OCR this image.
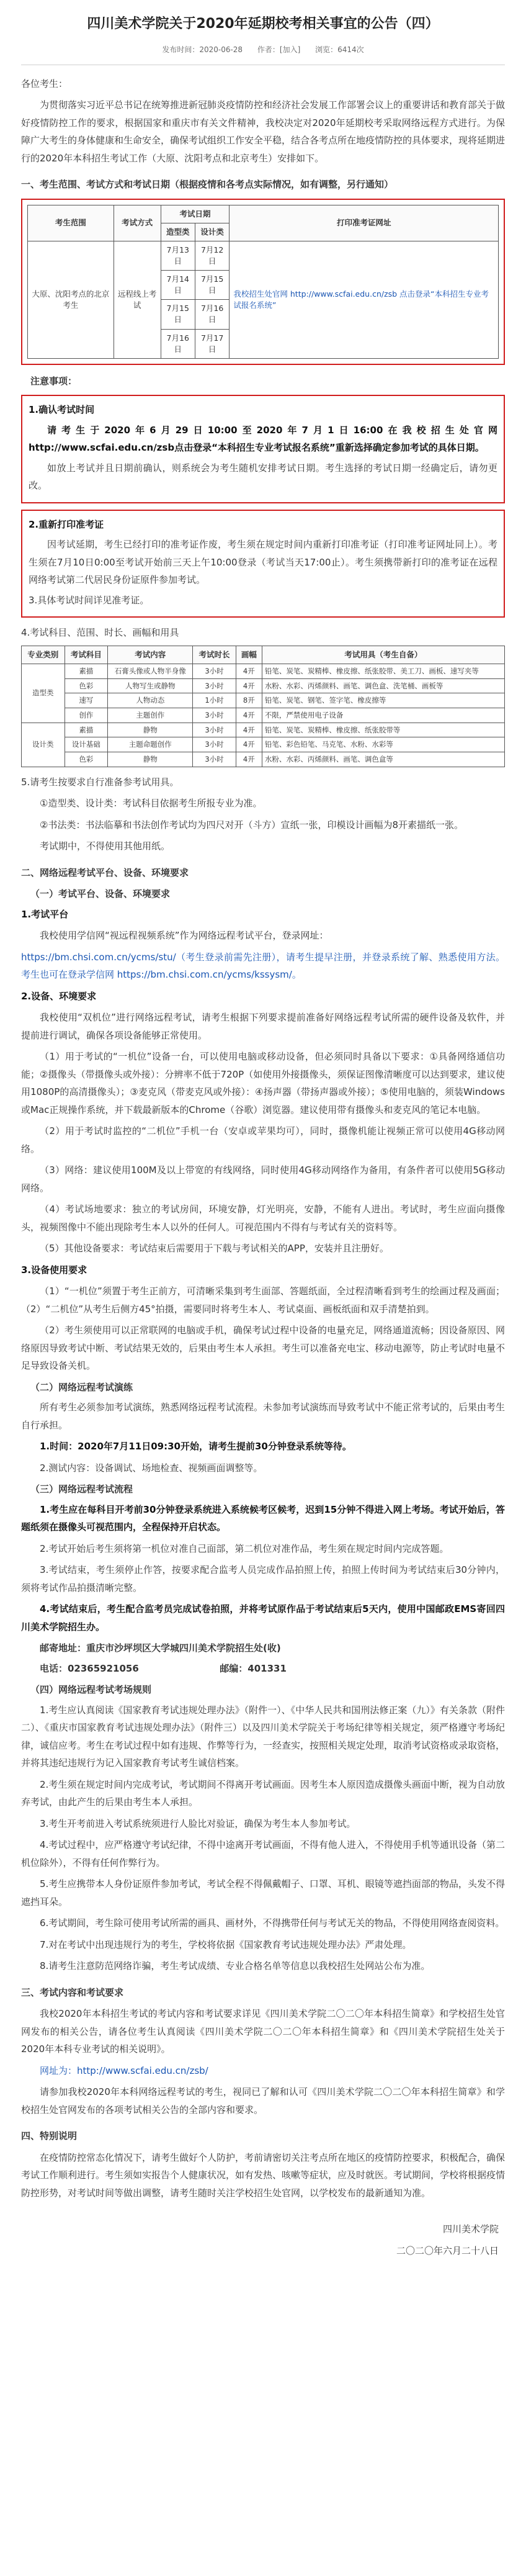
四川美术学院关于2020年延期校考相关事宜的公告（四）
发布时间：2020-06-28 作者：[加入] 浏览：6414次

各位考生：

为贯彻落实习近平总书记在统筹推进新冠肺炎疫情防控和经济社会发展工作部署会议上的重要讲话和教育部关于做好疫情防控工作的要求，根据国家和重庆市有关文件精神，我校决定对2020年延期校考采取网络远程方式进行。为保障广大考生的身体健康和生命安全，确保考试组织工作安全平稳，结合各考点所在地疫情防控的具体要求，现将延期进行的2020年本科招生考试工作（大原、沈阳考点和北京考生）安排如下。

一、考生范围、考试方式和考试日期（根据疫情和各考点实际情况，如有调整，另行通知）

考生范围	考试方式	考试日期		打印准考证网址
		造型类	设计类	
大原、沈阳考点的北京考生	远程线上考试	7月13日	7月12日	我校招生处官网 http://www.scfai.edu.cn/zsb 点击登录“本科招生专业考试报名系统”
		7月14日	7月15日	
		7月15日	7月16日	
		7月16日	7月17日	

注意事项：

1.确认考试时间

请考生于2020年6月29日10:00至2020年7月1日16:00在我校招生处官网 http://www.scfai.edu.cn/zsb点击登录“本科招生专业考试报名系统”重新选择确定参加考试的具体日期。

如放上考试并且日期前确认，则系统会为考生随机安排考试日期。考生选择的考试日期一经确定后，请勿更改。

2.重新打印准考证

因考试延期，考生已经打印的准考证作废，考生须在规定时间内重新打印准考证（打印准考证网址同上）。考生须在7月10日0:00至考试开始前三天上午10:00登录（考试当天17:00止）。考生须携带新打印的准考证在远程网络考试第二代居民身份证原件参加考试。

3.具体考试时间详见准考证。

4.考试科目、范围、时长、画幅和用具

专业类别	考试科目	考试内容	考试时长	画幅	考试用具（考生自备）
造型类	素描	石膏头像或人物半身像	3小时	4开	铅笔、炭笔、炭精棒、橡皮擦、纸张胶带、美工刀、画板、速写夹等
	色彩	人物写生或静物	3小时	4开	水粉、水彩、丙烯颜料、画笔、调色盒、洗笔桶、画板等
	速写	人物动态	1小时	8开	铅笔、炭笔、钢笔、签字笔、橡皮擦等
	创作	主题创作	3小时	4开	不限，严禁使用电子设备
设计类	素描	静物	3小时	4开	铅笔、炭笔、炭精棒、橡皮擦、纸张胶带等
	设计基础	主题命题创作	3小时	4开	铅笔、彩色铅笔、马克笔、水粉、水彩等
	色彩	静物	3小时	4开	水粉、水彩、丙烯颜料、画笔、调色盒等

5.请考生按要求自行准备参考试用具。

①造型类、设计类：考试科目依据考生所报专业为准。

②书法类：书法临摹和书法创作考试均为四尺对开（斗方）宣纸一张，印模设计画幅为8开素描纸一张。

考试期中，不得使用其他用纸。

二、网络远程考试平台、设备、环境要求

（一）考试平台、设备、环境要求

1.考试平台

我校使用学信网“视远程视频系统”作为网络远程考试平台，登录网址：

https://bm.chsi.com.cn/ycms/stu/（考生登录前需先注册），请考生提早注册，并登录系统了解、熟悉使用方法。考生也可在登录学信网 https://bm.chsi.com.cn/ycms/kssysm/。

2.设备、环境要求

我校使用“双机位”进行网络远程考试，请考生根据下列要求提前准备好网络远程考试所需的硬件设备及软件，并提前进行调试，确保各项设备能够正常使用。

（1）用于考试的“一机位”设备一台，可以使用电脑或移动设备，但必须同时具备以下要求：①具备网络通信功能；②摄像头（带摄像头或外接）：分辨率不低于720P（如使用外接摄像头，须保证图像清晰度可以达到要求，建议使用1080P的高清摄像头）；③麦克风（带麦克风或外接）：④扬声器（带扬声器或外接）；⑤使用电脑的，须装Windows或Mac正规操作系统，并下载最新版本的Chrome（谷歌）浏览器。建议使用带有摄像头和麦克风的笔记本电脑。

（2）用于考试时监控的“二机位”手机一台（安卓或苹果均可），同时，摄像机能让视频正常可以使用4G移动网络。

（3）网络：建议使用100M及以上带宽的有线网络，同时使用4G移动网络作为备用，有条件者可以使用5G移动网络。

（4）考试场地要求：独立的考试房间，环境安静，灯光明亮，安静，不能有人进出。考试时，考生应面向摄像头，视频图像中不能出现除考生本人以外的任何人。可视范围内不得有与考试有关的资料等。

（5）其他设备要求：考试结束后需要用于下载与考试相关的APP，安装并且注册好。

3.设备使用要求

（1）“一机位”须置于考生正前方，可清晰采集到考生面部、答题纸面，全过程清晰看到考生的绘画过程及画面；（2）“二机位”从考生后侧方45°拍摄，需要同时将考生本人、考试桌面、画板纸面和双手清楚拍到。

（2）考生须使用可以正常联网的电脑或手机，确保考试过程中设备的电量充足，网络通道流畅；因设备原因、网络原因导致考试中断、考试结果无效的，后果由考生本人承担。考生可以准备充电宝、移动电源等，防止考试时电量不足导致设备关机。

（二）网络远程考试演练

所有考生必须参加考试演练，熟悉网络远程考试流程。未参加考试演练而导致考试中不能正常考试的，后果由考生自行承担。

1.时间：2020年7月11日09:30开始，请考生提前30分钟登录系统等待。

2.测试内容：设备调试、场地检查、视频画面调整等。

（三）网络远程考试流程

1.考生应在每科目开考前30分钟登录系统进入系统候考区候考，迟到15分钟不得进入网上考场。考试开始后，答题纸须在摄像头可视范围内，全程保持开启状态。

2.考试开始后考生须将第一机位对准自己面部，第二机位对准作品，考生须在规定时间内完成答题。

3.考试结束，考生须停止作答，按要求配合监考人员完成作品拍照上传，拍照上传时间为考试结束后30分钟内，须将考试作品拍摄清晰完整。

4.考试结束后，考生配合监考员完成试卷拍照，并将考试原作品于考试结束后5天内，使用中国邮政EMS寄回四川美术学院招生办。

邮寄地址：重庆市沙坪坝区大学城四川美术学院招生处(收)

电话：02365921056	邮编：401331

（四）网络远程考试考场规则

1.考生应认真阅读《国家教育考试违规处理办法》（附件一）、《中华人民共和国刑法修正案（九）》有关条款（附件二）、《重庆市国家教育考试违规处理办法》（附件三）以及四川美术学院关于考场纪律等相关规定，须严格遵守考场纪律，诚信应考。考生在考试过程中如有违规、作弊等行为，一经查实，按照相关规定处理，取消考试资格或录取资格，并将其违纪违规行为记入国家教育考试考生诚信档案。

2.考生须在规定时间内完成考试，考试期间不得离开考试画面。因考生本人原因造成摄像头画面中断，视为自动放弃考试，由此产生的后果由考生本人承担。

3.考生开考前进入考试系统须进行人脸比对验证，确保为考生本人参加考试。

4.考试过程中，应严格遵守考试纪律，不得中途离开考试画面，不得有他人进入，不得使用手机等通讯设备（第二机位除外），不得有任何作弊行为。

5.考生应携带本人身份证原件参加考试，考试全程不得佩戴帽子、口罩、耳机、眼镜等遮挡面部的物品，头发不得遮挡耳朵。

6.考试期间，考生除可使用考试所需的画具、画材外，不得携带任何与考试无关的物品，不得使用网络查阅资料。

7.对在考试中出现违规行为的考生，学校将依据《国家教育考试违规处理办法》严肃处理。

8.请考生注意防范网络诈骗，考生考试成绩、专业合格名单等信息以我校招生处网站公布为准。

三、考试内容和考试要求

我校2020年本科招生考试的考试内容和考试要求详见《四川美术学院二〇二〇年本科招生简章》和学校招生处官网发布的相关公告，请各位考生认真阅读《四川美术学院二〇二〇年本科招生简章》和《四川美术学院招生处关于2020年本科专业考试的相关说明》。

网址为：http://www.scfai.edu.cn/zsb/

请参加我校2020年本科网络远程考试的考生，视同已了解和认可《四川美术学院二〇二〇年本科招生简章》和学校招生处官网发布的各项考试相关公告的全部内容和要求。

四、特别说明

在疫情防控常态化情况下，请考生做好个人防护，考前请密切关注考点所在地区的疫情防控要求，积极配合，确保考试工作顺利进行。考生须如实报告个人健康状况，如有发热、咳嗽等症状，应及时就医。考试期间，学校将根据疫情防控形势，对考试时间等做出调整，请考生随时关注学校招生处官网，以学校发布的最新通知为准。

四川美术学院

二〇二〇年六月二十八日
